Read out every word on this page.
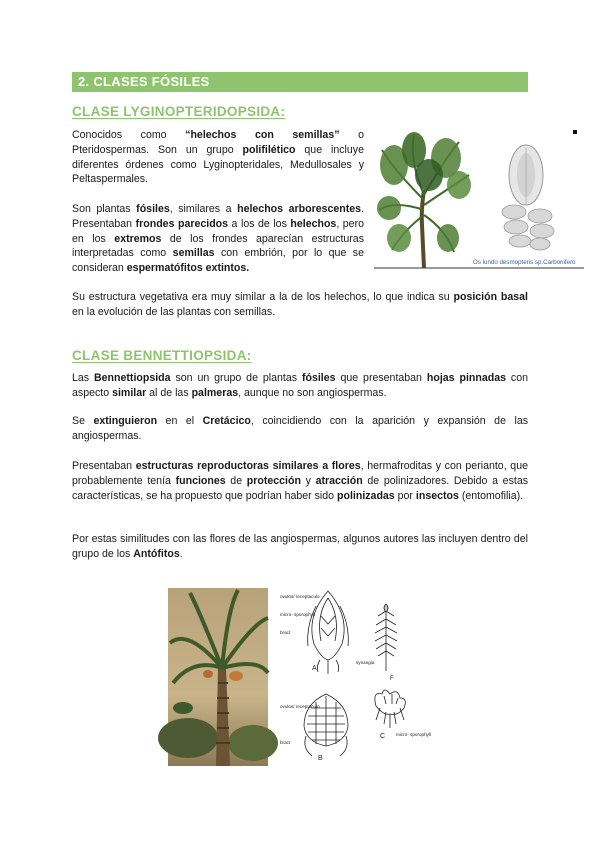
2. CLASES FÓSILES
CLASE LYGINOPTERIDOPSIDA:

Conocidos como “helechos con semillas” o Pteridospermas. Son un grupo polifilético que incluye diferentes órdenes como Lyginopteridales, Medullosales y Peltaspermales.

Son plantas fósiles, similares a helechos arborescentes. Presentaban frondes parecidos a los de los helechos, pero en los extremos de los frondes aparecían estructuras interpretadas como semillas con embrión, por lo que se consideran espermatófitos extintos.

Su estructura vegetativa era muy similar a la de los helechos, lo que indica su posición basal en la evolución de las plantas con semillas.

Os lundo desmopteris sp.Carbonifero
CLASE BENNETTIOPSIDA:

Las Bennettiopsida son un grupo de plantas fósiles que presentaban hojas pinnadas con aspecto similar al de las palmeras, aunque no son angiospermas.

Se extinguieron en el Cretácico, coincidiendo con la aparición y expansión de las angiospermas.

Presentaban estructuras reproductoras similares a flores, hermafroditas y con perianto, que probablemente tenía funciones de protección y atracción de polinizadores. Debido a estas características, se ha propuesto que podrían haber sido polinizadas por insectos (entomofilia).

Por estas similitudes con las flores de las angiospermas, algunos autores las incluyen dentro del grupo de los Antófitos.

ovulos/ receptaculo
micro- sporophyll
bract
A
synangia
F
ovulos/ receptaculo
bract
B
C micro- sporophyll
